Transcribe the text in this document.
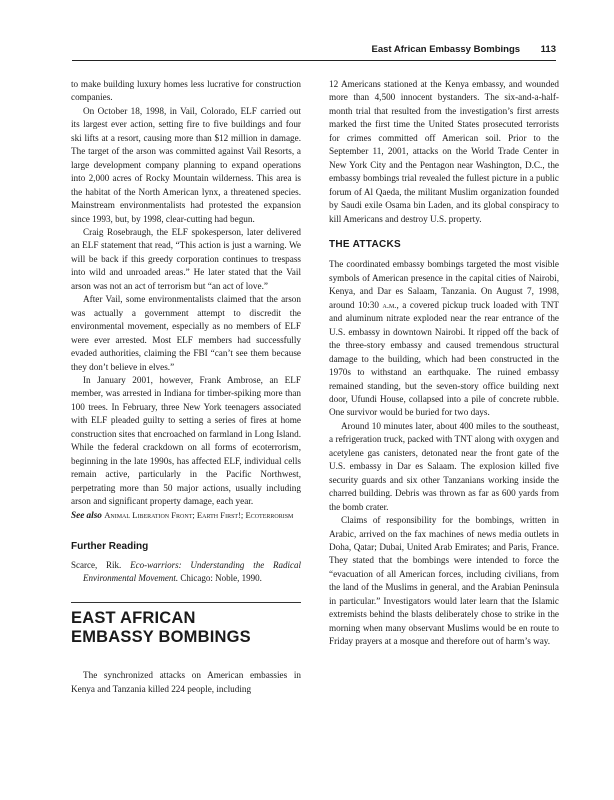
East African Embassy Bombings 113

to make building luxury homes less lucrative for construction companies.

On October 18, 1998, in Vail, Colorado, ELF carried out its largest ever action, setting fire to five buildings and four ski lifts at a resort, causing more than $12 million in damage. The target of the arson was committed against Vail Resorts, a large development company planning to expand operations into 2,000 acres of Rocky Mountain wilderness. This area is the habitat of the North American lynx, a threatened species. Mainstream environmentalists had protested the expansion since 1993, but, by 1998, clear-cutting had begun.

Craig Rosebraugh, the ELF spokesperson, later delivered an ELF statement that read, “This action is just a warning. We will be back if this greedy corporation continues to trespass into wild and unroaded areas.” He later stated that the Vail arson was not an act of terrorism but “an act of love.”

After Vail, some environmentalists claimed that the arson was actually a government attempt to discredit the environmental movement, especially as no members of ELF were ever arrested. Most ELF members had successfully evaded authorities, claiming the FBI “can’t see them because they don’t believe in elves.”

In January 2001, however, Frank Ambrose, an ELF member, was arrested in Indiana for timber-spiking more than 100 trees. In February, three New York teenagers associated with ELF pleaded guilty to setting a series of fires at home construction sites that encroached on farmland in Long Island. While the federal crackdown on all forms of ecoterrorism, beginning in the late 1990s, has affected ELF, individual cells remain active, particularly in the Pacific Northwest, perpetrating more than 50 major actions, usually including arson and significant property damage, each year.

See also Animal Liberation Front; Earth First!; Ecoterrorism
Further Reading
Scarce, Rik. Eco-warriors: Understanding the Radical Environmental Movement. Chicago: Noble, 1990.
EAST AFRICAN
EMBASSY BOMBINGS

The synchronized attacks on American embassies in Kenya and Tanzania killed 224 people, including

12 Americans stationed at the Kenya embassy, and wounded more than 4,500 innocent bystanders. The six-and-a-half-month trial that resulted from the investigation’s first arrests marked the first time the United States prosecuted terrorists for crimes committed off American soil. Prior to the September 11, 2001, attacks on the World Trade Center in New York City and the Pentagon near Washington, D.C., the embassy bombings trial revealed the fullest picture in a public forum of Al Qaeda, the militant Muslim organization founded by Saudi exile Osama bin Laden, and its global conspiracy to kill Americans and destroy U.S. property.

THE ATTACKS

The coordinated embassy bombings targeted the most visible symbols of American presence in the capital cities of Nairobi, Kenya, and Dar es Salaam, Tanzania. On August 7, 1998, around 10:30 a.m., a covered pickup truck loaded with TNT and aluminum nitrate exploded near the rear entrance of the U.S. embassy in downtown Nairobi. It ripped off the back of the three-story embassy and caused tremendous structural damage to the building, which had been constructed in the 1970s to withstand an earthquake. The ruined embassy remained standing, but the seven-story office building next door, Ufundi House, collapsed into a pile of concrete rubble. One survivor would be buried for two days.

Around 10 minutes later, about 400 miles to the southeast, a refrigeration truck, packed with TNT along with oxygen and acetylene gas canisters, detonated near the front gate of the U.S. embassy in Dar es Salaam. The explosion killed five security guards and six other Tanzanians working inside the charred building. Debris was thrown as far as 600 yards from the bomb crater.

Claims of responsibility for the bombings, written in Arabic, arrived on the fax machines of news media outlets in Doha, Qatar; Dubai, United Arab Emirates; and Paris, France. They stated that the bombings were intended to force the “evacuation of all American forces, including civilians, from the land of the Muslims in general, and the Arabian Peninsula in particular.” Investigators would later learn that the Islamic extremists behind the blasts deliberately chose to strike in the morning when many observant Muslims would be en route to Friday prayers at a mosque and therefore out of harm’s way.
